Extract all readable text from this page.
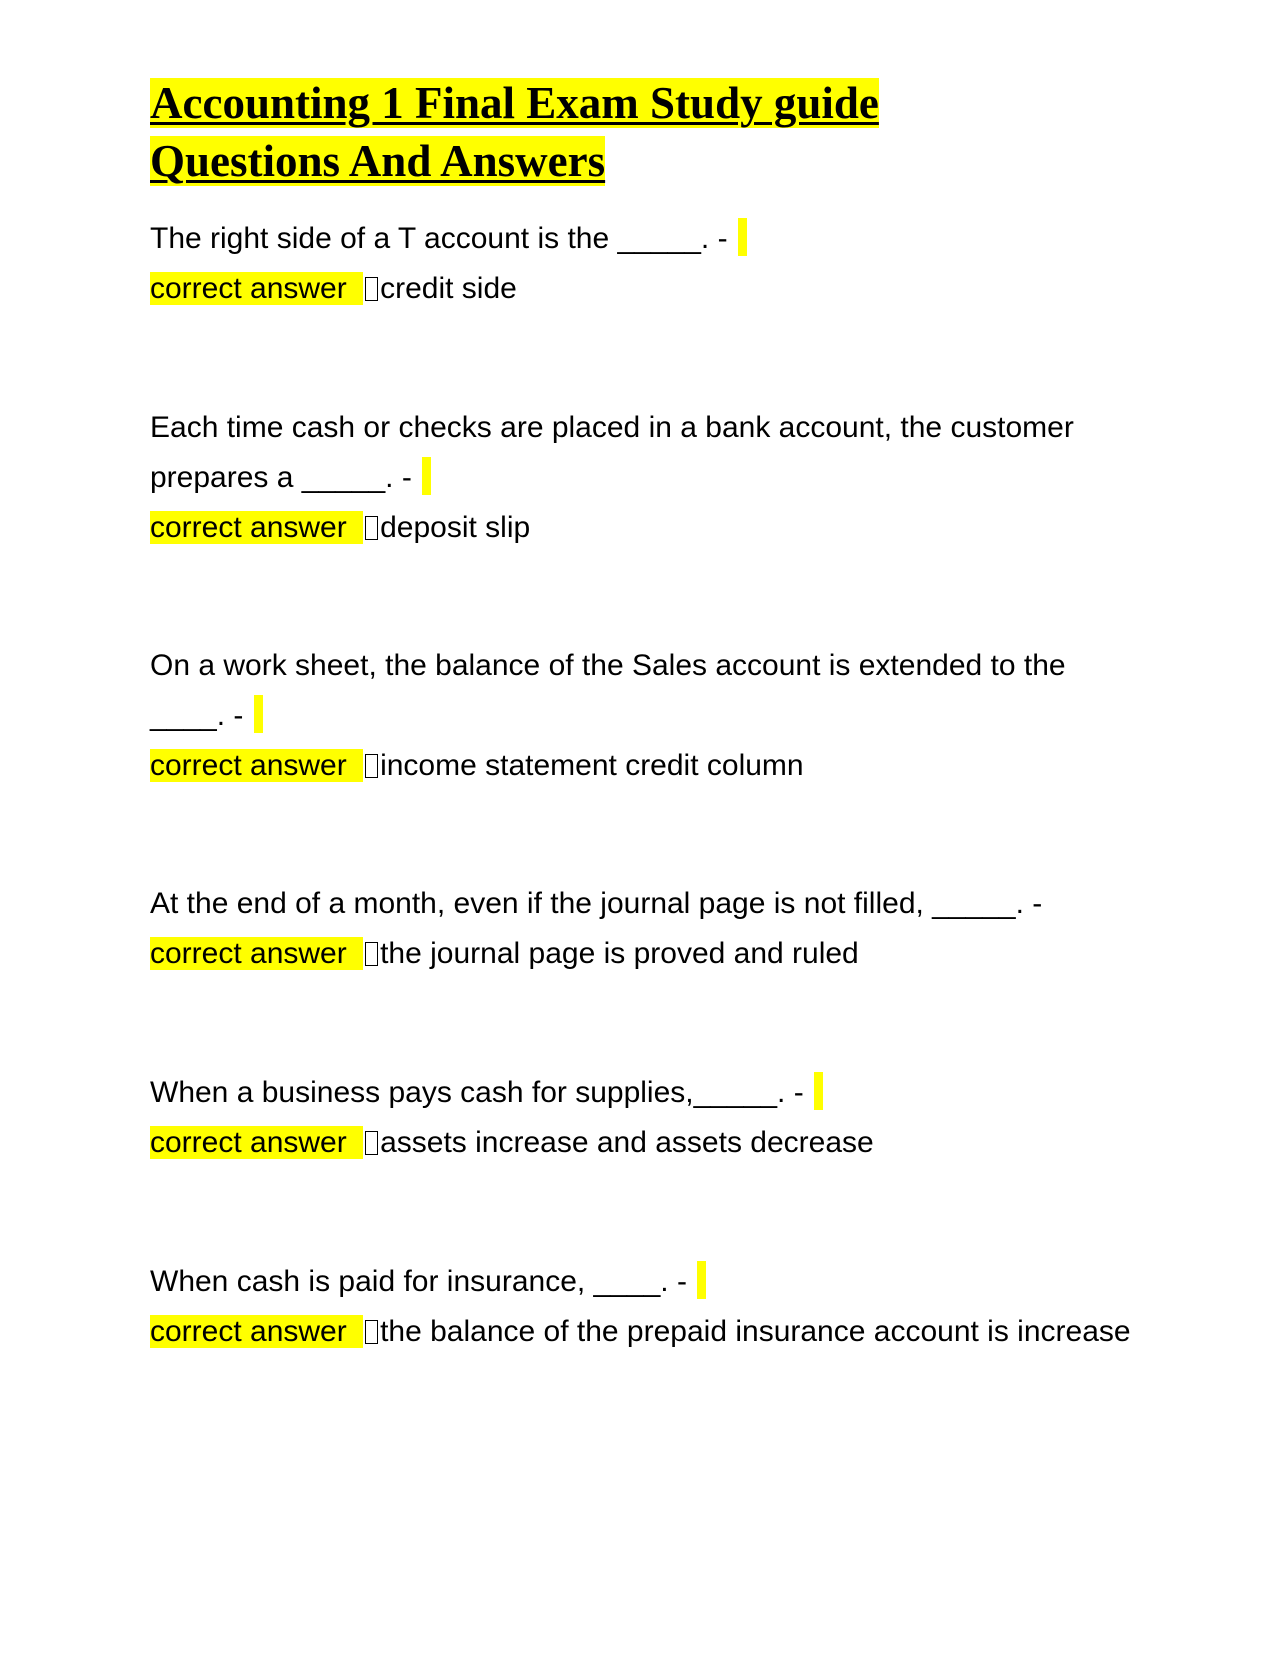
Accounting 1 Final Exam Study guide
Questions And Answers

The right side of a T account is the _____. -

correct answer credit side

Each time cash or checks are placed in a bank account, the customer prepares a _____. -

correct answer deposit slip

On a work sheet, the balance of the Sales account is extended to the ____. -

correct answer income statement credit column

At the end of a month, even if the journal page is not filled, _____. -

correct answer the journal page is proved and ruled

When a business pays cash for supplies,_____. -

correct answer assets increase and assets decrease

When cash is paid for insurance, ____. -

correct answer the balance of the prepaid insurance account is increase
